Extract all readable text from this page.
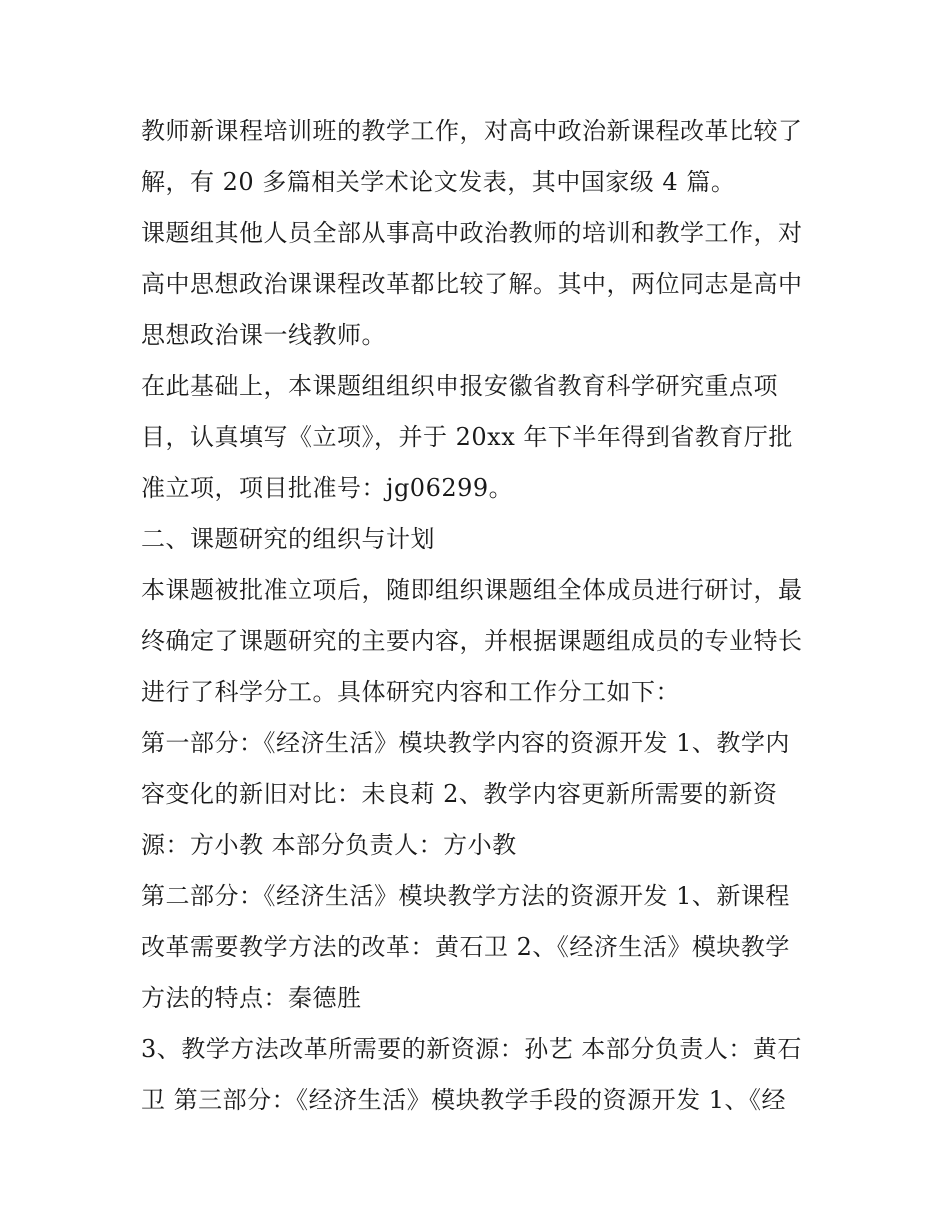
教师新课程培训班的教学工作，对高中政治新课程改革比较了
解，有 20 多篇相关学术论文发表，其中国家级 4 篇。
课题组其他人员全部从事高中政治教师的培训和教学工作，对
高中思想政治课课程改革都比较了解。其中，两位同志是高中
思想政治课一线教师。
在此基础上，本课题组组织申报安徽省教育科学研究重点项
目，认真填写《立项》，并于 20xx 年下半年得到省教育厅批
准立项，项目批准号：jg06299。
二、课题研究的组织与计划
本课题被批准立项后，随即组织课题组全体成员进行研讨，最
终确定了课题研究的主要内容，并根据课题组成员的专业特长
进行了科学分工。具体研究内容和工作分工如下：
第一部分：《经济生活》模块教学内容的资源开发 1、教学内
容变化的新旧对比：未良莉 2、教学内容更新所需要的新资
源：方小教 本部分负责人：方小教
第二部分：《经济生活》模块教学方法的资源开发 1、新课程
改革需要教学方法的改革：黄石卫 2、《经济生活》模块教学
方法的特点：秦德胜
3、教学方法改革所需要的新资源：孙艺 本部分负责人：黄石
卫 第三部分：《经济生活》模块教学手段的资源开发 1、《经
